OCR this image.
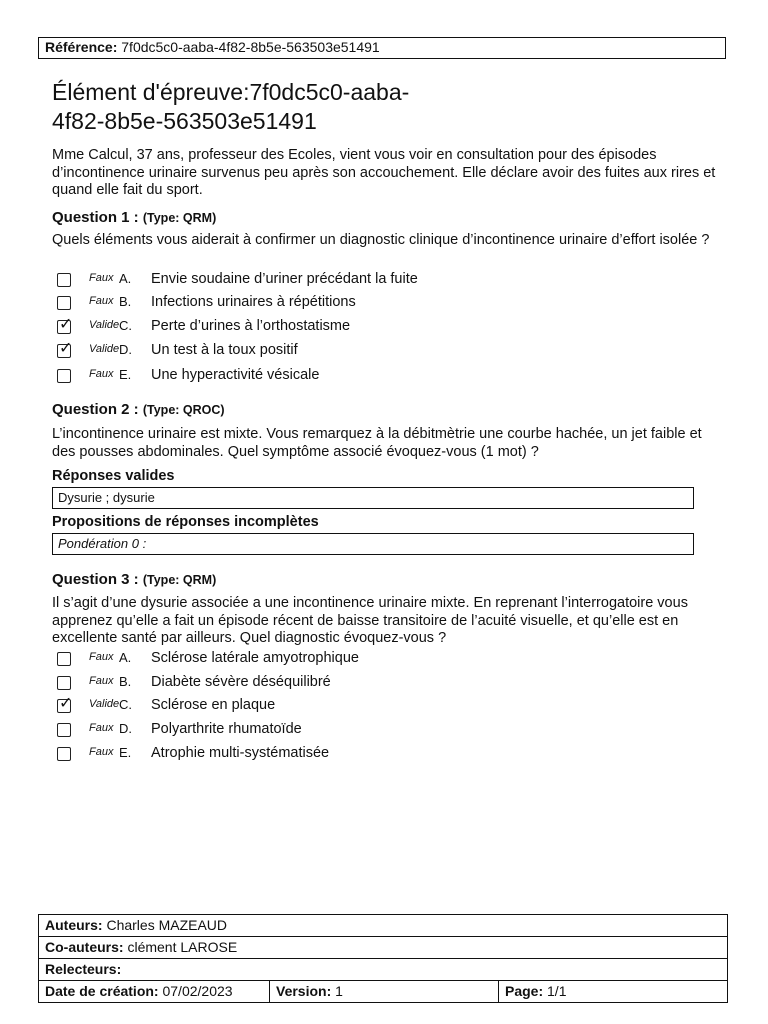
Référence: 7f0dc5c0-aaba-4f82-8b5e-563503e51491
Élément d'épreuve:7f0dc5c0-aaba-4f82-8b5e-563503e51491

Mme Calcul, 37 ans, professeur des Ecoles, vient vous voir en consultation pour des épisodes d’incontinence urinaire survenus peu après son accouchement. Elle déclare avoir des fuites aux rires et quand elle fait du sport.

Question 1 : (Type: QRM)

Quels éléments vous aiderait à confirmer un diagnostic clinique d’incontinence urinaire d’effort isolée ?

Faux A. Envie soudaine d’uriner précédant la fuite
Faux B. Infections urinaires à répétitions
✓ Valide C. Perte d’urines à l’orthostatisme
✓ Valide D. Un test à la toux positif
Faux E. Une hyperactivité vésicale
Question 2 : (Type: QROC)

L’incontinence urinaire est mixte. Vous remarquez à la débitmètrie une courbe hachée, un jet faible et des pousses abdominales. Quel symptôme associé évoquez-vous (1 mot) ?

Réponses valides
Dysurie ; dysurie
Propositions de réponses incomplètes
Pondération 0 :
Question 3 : (Type: QRM)

Il s’agit d’une dysurie associée a une incontinence urinaire mixte. En reprenant l’interrogatoire vous apprenez qu’elle a fait un épisode récent de baisse transitoire de l’acuité visuelle, et qu’elle est en excellente santé par ailleurs. Quel diagnostic évoquez-vous ?

Faux A. Sclérose latérale amyotrophique
Faux B. Diabète sévère déséquilibré
✓ Valide C. Sclérose en plaque
Faux D. Polyarthrite rhumatoïde
Faux E. Atrophie multi-systématisée
Auteurs: Charles MAZEAUD
Co-auteurs: clément LAROSE
Relecteurs:
Date de création: 07/02/2023	Version: 1	Page: 1/1
